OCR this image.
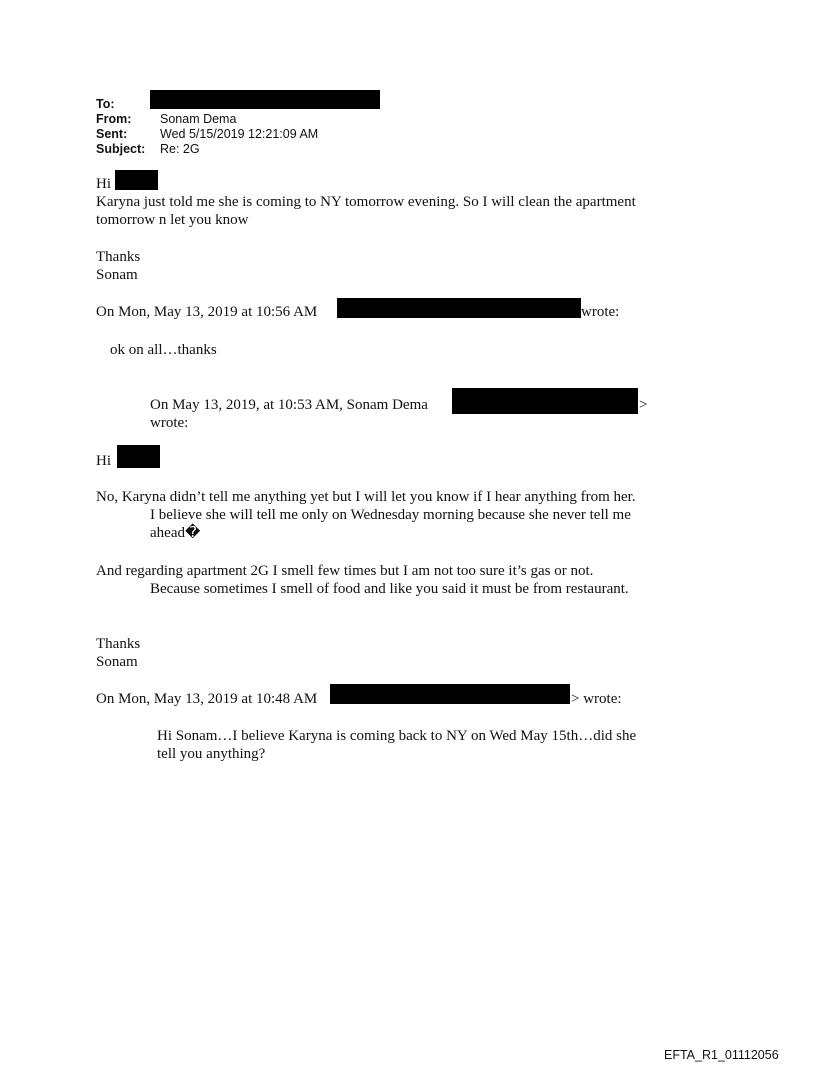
To:
From: Sonam Dema
Sent:	Wed 5/15/2019 12:21:09 AM
Subject: Re: 2G
Hi
Karyna just told me she is coming to NY tomorrow evening. So I will clean the apartment
tomorrow n let you know
Thanks
Sonam
On Mon, May 13, 2019 at 10:56 AM	wrote:
ok on all…thanks
On May 13, 2019, at 10:53 AM, Sonam Dema	>
wrote:
Hi
No, Karyna didn’t tell me anything yet but I will let you know if I hear anything from her.
I believe she will tell me only on Wednesday morning because she never tell me
ahead�
And regarding apartment 2G I smell few times but I am not too sure it’s gas or not.
Because sometimes I smell of food and like you said it must be from restaurant.
Thanks
Sonam
On Mon, May 13, 2019 at 10:48 AM	> wrote:
Hi Sonam…I believe Karyna is coming back to NY on Wed May 15th…did she
tell you anything?
EFTA_R1_01112056
